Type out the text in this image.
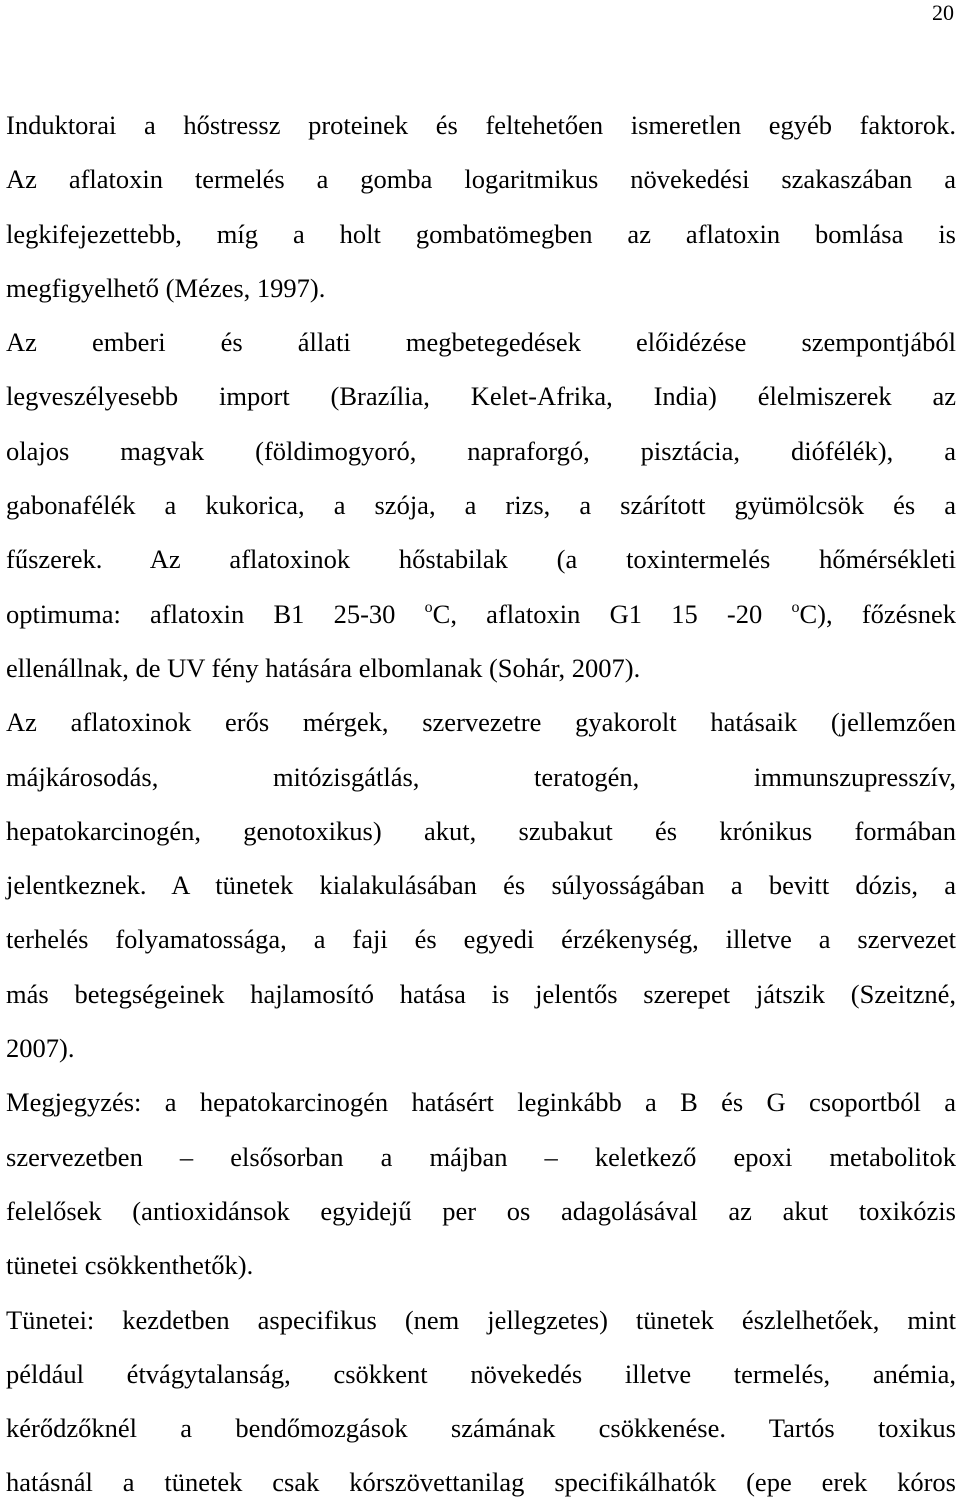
20
Induktorai a hőstressz proteinek és feltehetően ismeretlen egyéb faktorok.
Az aflatoxin termelés a gomba logaritmikus növekedési szakaszában a
legkifejezettebb, míg a holt gombatömegben az aflatoxin bomlása is
megfigyelhető (Mézes, 1997).
Az emberi és állati megbetegedések előidézése szempontjából
legveszélyesebb import (Brazília, Kelet-Afrika, India) élelmiszerek az
olajos magvak (földimogyoró, napraforgó, pisztácia, diófélék), a
gabonafélék a kukorica, a szója, a rizs, a szárított gyümölcsök és a
fűszerek. Az aflatoxinok hőstabilak (a toxintermelés hőmérsékleti
optimuma: aflatoxin B1 25-30 $^o$C, aflatoxin G1 15 -20 $^o$C), főzésnek
ellenállnak, de UV fény hatására elbomlanak (Sohár, 2007).
Az aflatoxinok erős mérgek, szervezetre gyakorolt hatásaik (jellemzően
májkárosodás, mitózisgátlás, teratogén, immunszupresszív,
hepatokarcinogén, genotoxikus) akut, szubakut és krónikus formában
jelentkeznek. A tünetek kialakulásában és súlyosságában a bevitt dózis, a
terhelés folyamatossága, a faji és egyedi érzékenység, illetve a szervezet
más betegségeinek hajlamosító hatása is jelentős szerepet játszik (Szeitzné,
2007).
Megjegyzés: a hepatokarcinogén hatásért leginkább a B és G csoportból a
szervezetben – elsősorban a májban – keletkező epoxi metabolitok
felelősek (antioxidánsok egyidejű per os adagolásával az akut toxikózis
tünetei csökkenthetők).
Tünetei: kezdetben aspecifikus (nem jellegzetes) tünetek észlelhetőek, mint
például étvágytalanság, csökkent növekedés illetve termelés, anémia,
kérődzőknél a bendőmozgások számának csökkenése. Tartós toxikus
hatásnál a tünetek csak kórszövettanilag specifikálhatók (epe erek kóros
